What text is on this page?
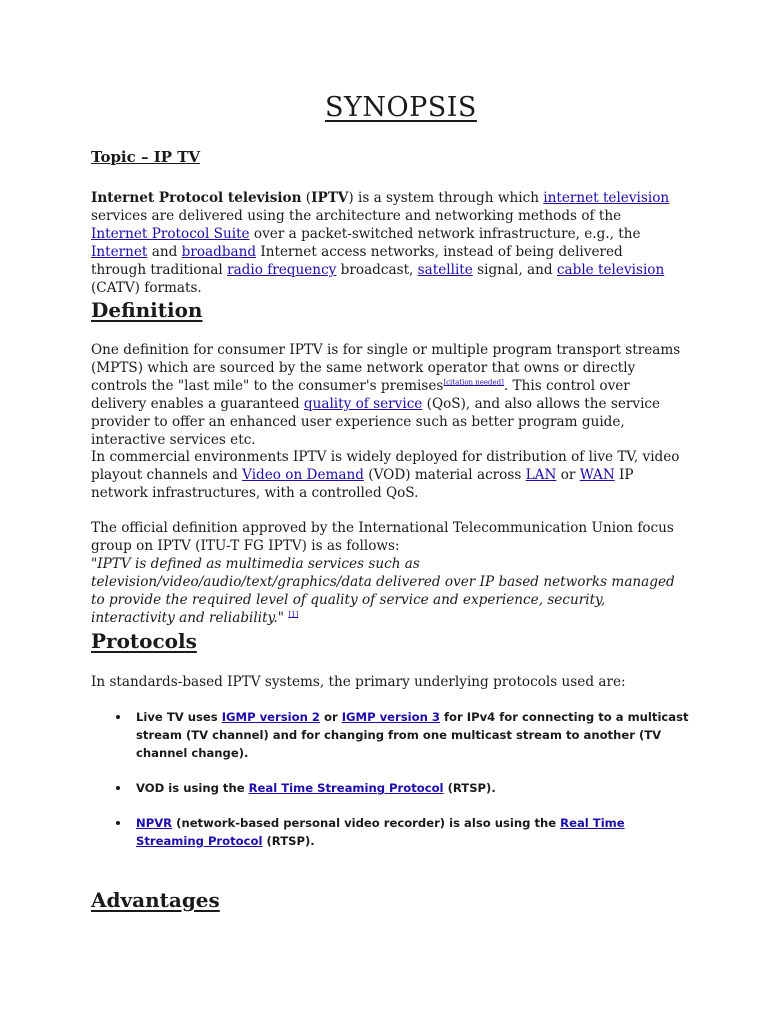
SYNOPSIS

Topic – IP TV

Internet Protocol television (IPTV) is a system through which internet television services are delivered using the architecture and networking methods of the Internet Protocol Suite over a packet-switched network infrastructure, e.g., the Internet and broadband Internet access networks, instead of being delivered through traditional radio frequency broadcast, satellite signal, and cable television (CATV) formats.

Definition

One definition for consumer IPTV is for single or multiple program transport streams (MPTS) which are sourced by the same network operator that owns or directly controls the "last mile" to the consumer's premises[citation needed]. This control over delivery enables a guaranteed quality of service (QoS), and also allows the service provider to offer an enhanced user experience such as better program guide, interactive services etc.

In commercial environments IPTV is widely deployed for distribution of live TV, video playout channels and Video on Demand (VOD) material across LAN or WAN IP network infrastructures, with a controlled QoS.

The official definition approved by the International Telecommunication Union focus group on IPTV (ITU-T FG IPTV) is as follows:
"IPTV is defined as multimedia services such as television/video/audio/text/graphics/data delivered over IP based networks managed to provide the required level of quality of service and experience, security, interactivity and reliability." [1]

Protocols

In standards-based IPTV systems, the primary underlying protocols used are:

Live TV uses IGMP version 2 or IGMP version 3 for IPv4 for connecting to a multicast stream (TV channel) and for changing from one multicast stream to another (TV channel change).
VOD is using the Real Time Streaming Protocol (RTSP).
NPVR (network-based personal video recorder) is also using the Real Time Streaming Protocol (RTSP).
Advantages
